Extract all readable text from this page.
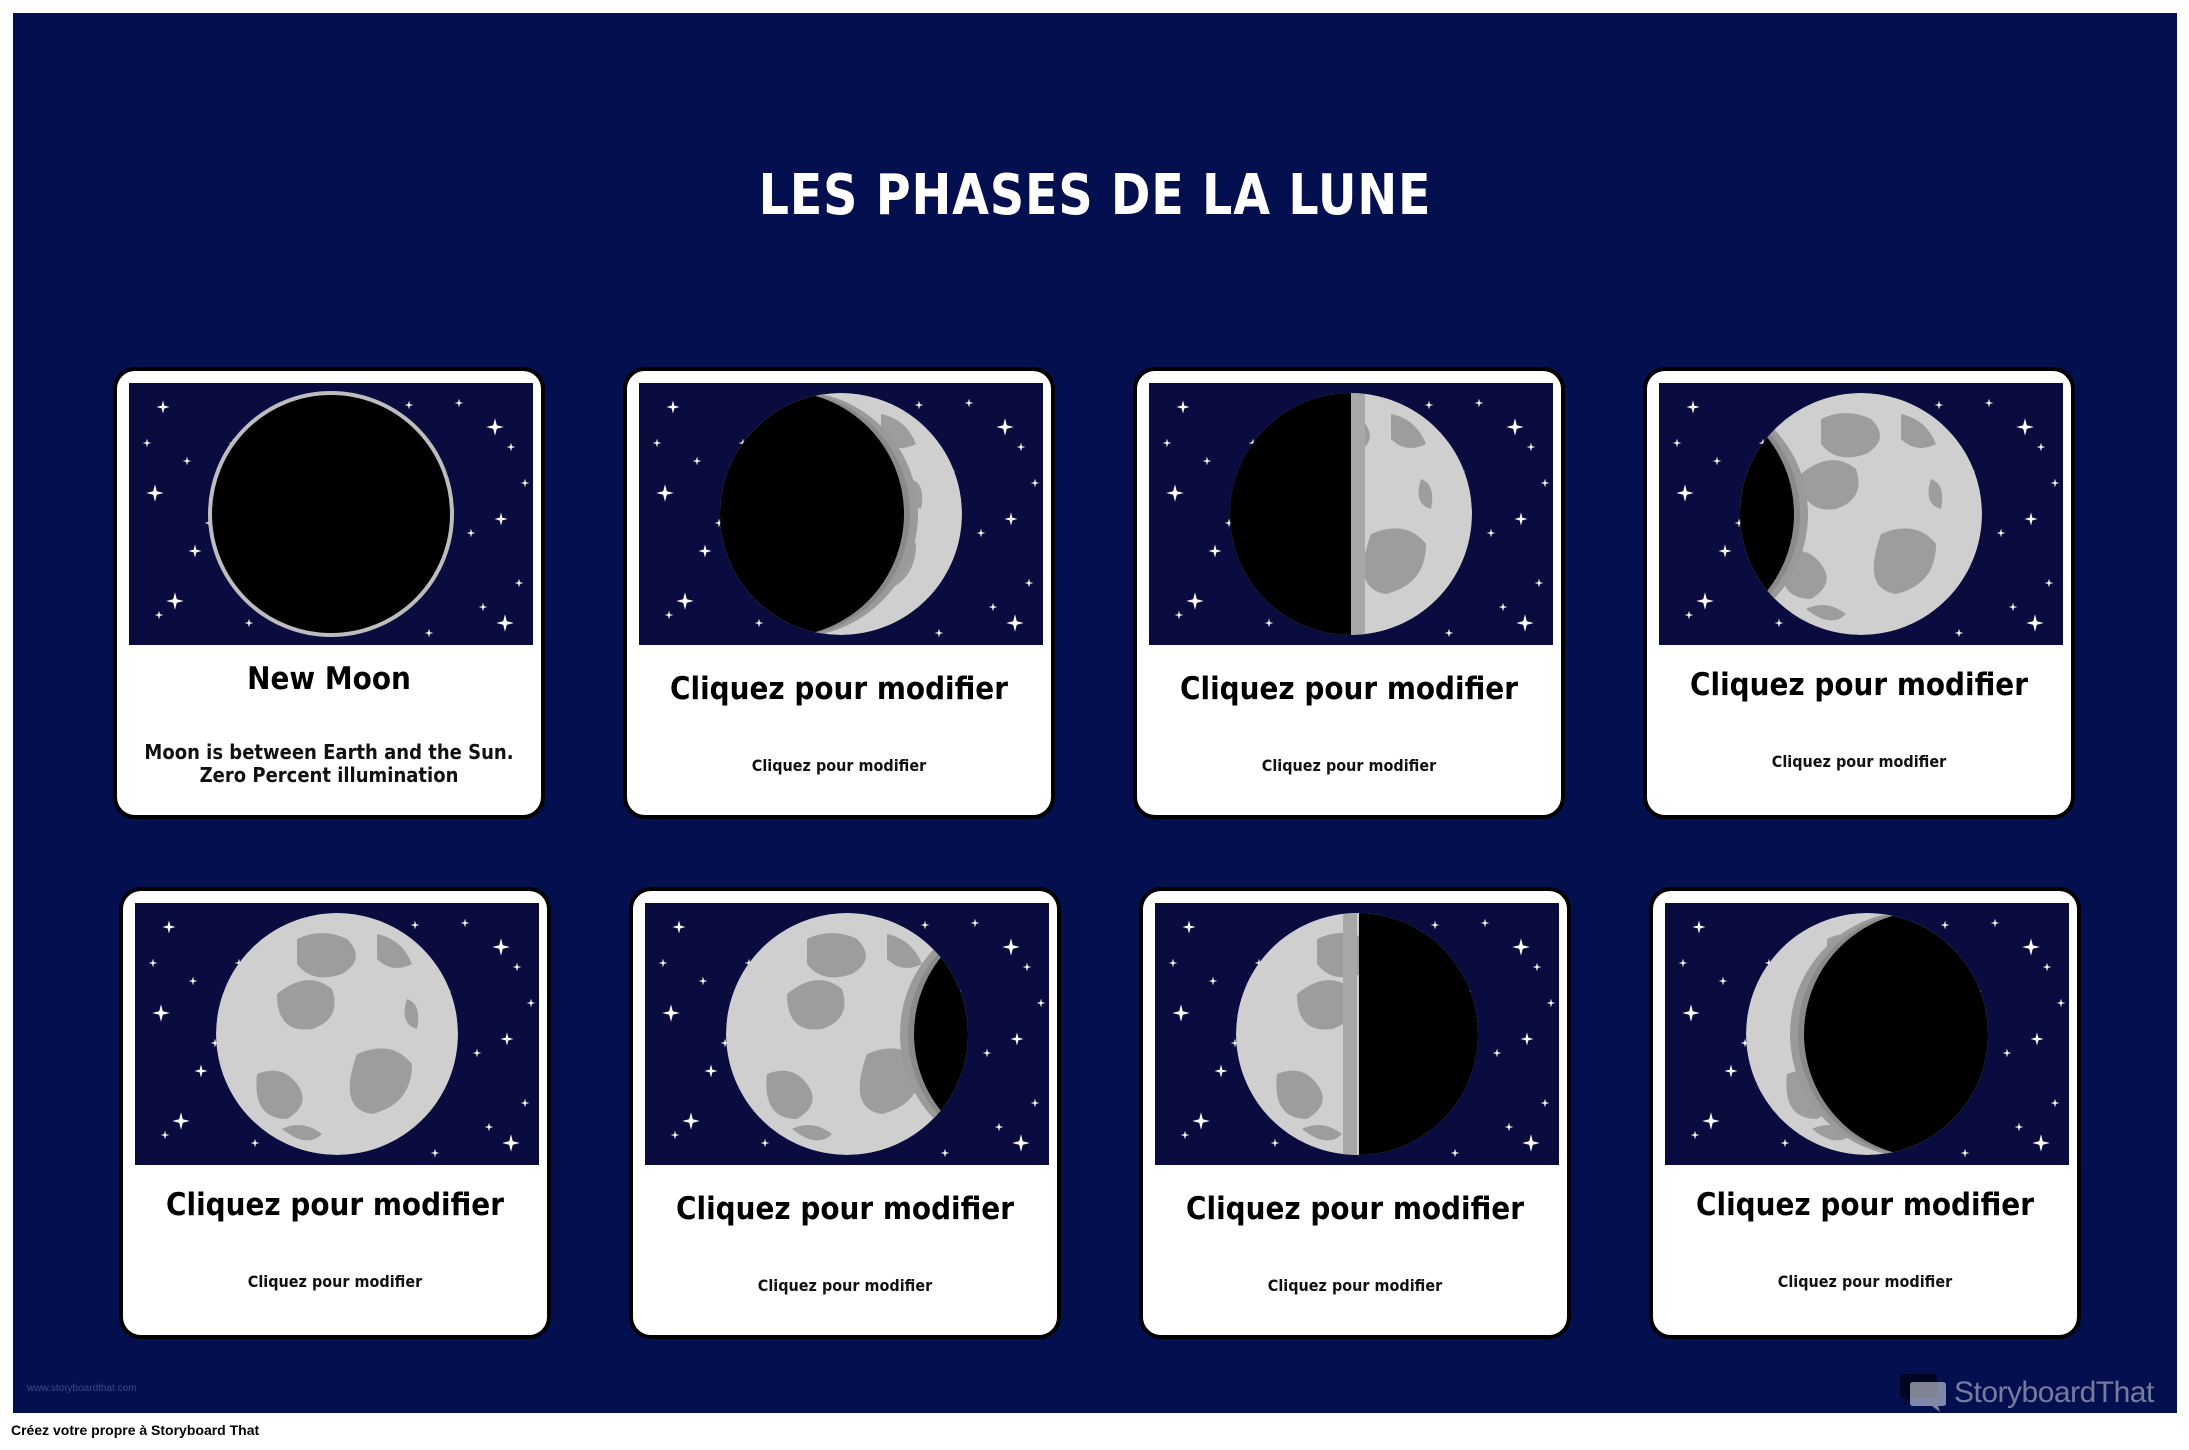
LES PHASES DE LA LUNE
New Moon
Moon is between Earth and the Sun.
Zero Percent illumination
Cliquez pour modifier
Cliquez pour modifier
Cliquez pour modifier
Cliquez pour modifier
Cliquez pour modifier
Cliquez pour modifier
Cliquez pour modifier
Cliquez pour modifier
Cliquez pour modifier
Cliquez pour modifier
Cliquez pour modifier
Cliquez pour modifier
Cliquez pour modifier
Cliquez pour modifier
www.storyboardthat.com	StoryboardThat
Créez votre propre à Storyboard That
